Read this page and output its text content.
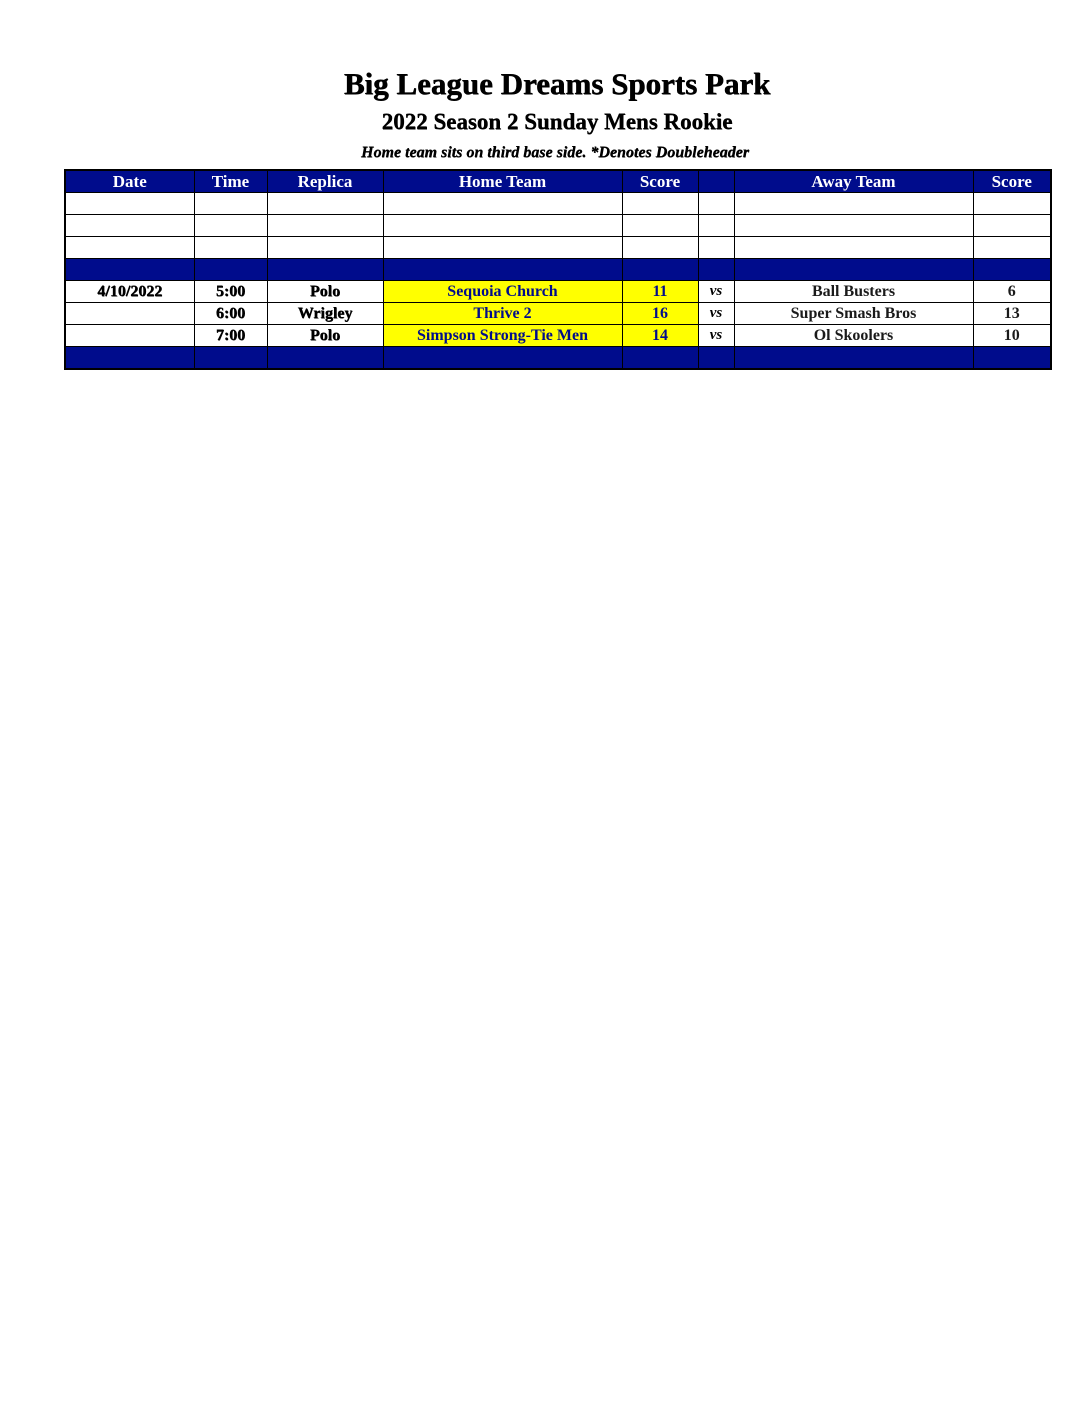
Big League Dreams Sports Park
2022 Season 2 Sunday Mens Rookie
Home team sits on third base side. *Denotes Doubleheader
Date	Time	Replica	Home Team	Score		Away Team	Score

4/10/2022	5:00	Polo	Sequoia Church	11	vs	Ball Busters	6
	6:00	Wrigley	Thrive 2	16	vs	Super Smash Bros	13
	7:00	Polo	Simpson Strong-Tie Men	14	vs	Ol Skoolers	10
